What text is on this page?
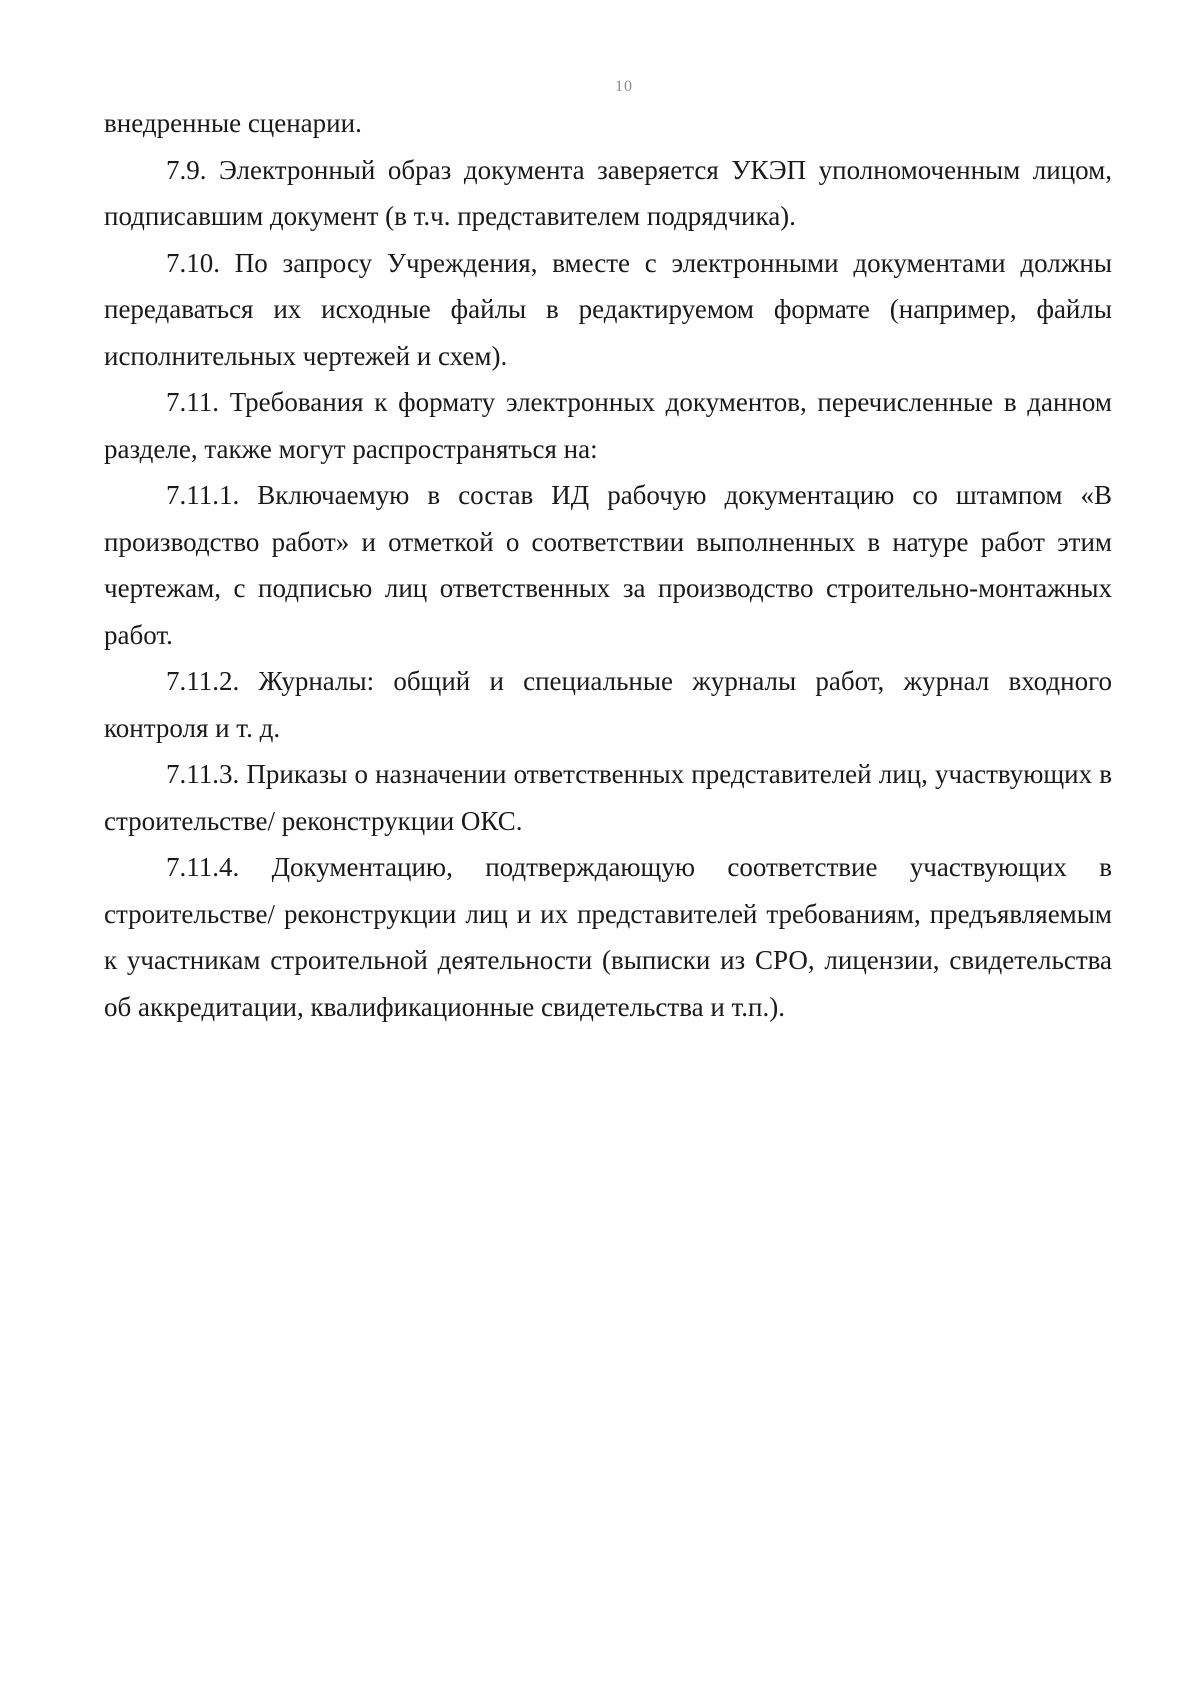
10

внедренные сценарии.

7.9. Электронный образ документа заверяется УКЭП уполномоченным лицом, подписавшим документ (в т.ч. представителем подрядчика).

7.10. По запросу Учреждения, вместе с электронными документами должны передаваться их исходные файлы в редактируемом формате (например, файлы исполнительных чертежей и схем).

7.11. Требования к формату электронных документов, перечисленные в данном разделе, также могут распространяться на:

7.11.1. Включаемую в состав ИД рабочую документацию со штампом «В производство работ» и отметкой о соответствии выполненных в натуре работ этим чертежам, с подписью лиц ответственных за производство строительно-монтажных работ.

7.11.2. Журналы: общий и специальные журналы работ, журнал входного контроля и т. д.

7.11.3. Приказы о назначении ответственных представителей лиц, участвующих в строительстве/ реконструкции ОКС.

7.11.4. Документацию, подтверждающую соответствие участвующих в строительстве/ реконструкции лиц и их представителей требованиям, предъявляемым к участникам строительной деятельности (выписки из СРО, лицензии, свидетельства об аккредитации, квалификационные свидетельства и т.п.).
